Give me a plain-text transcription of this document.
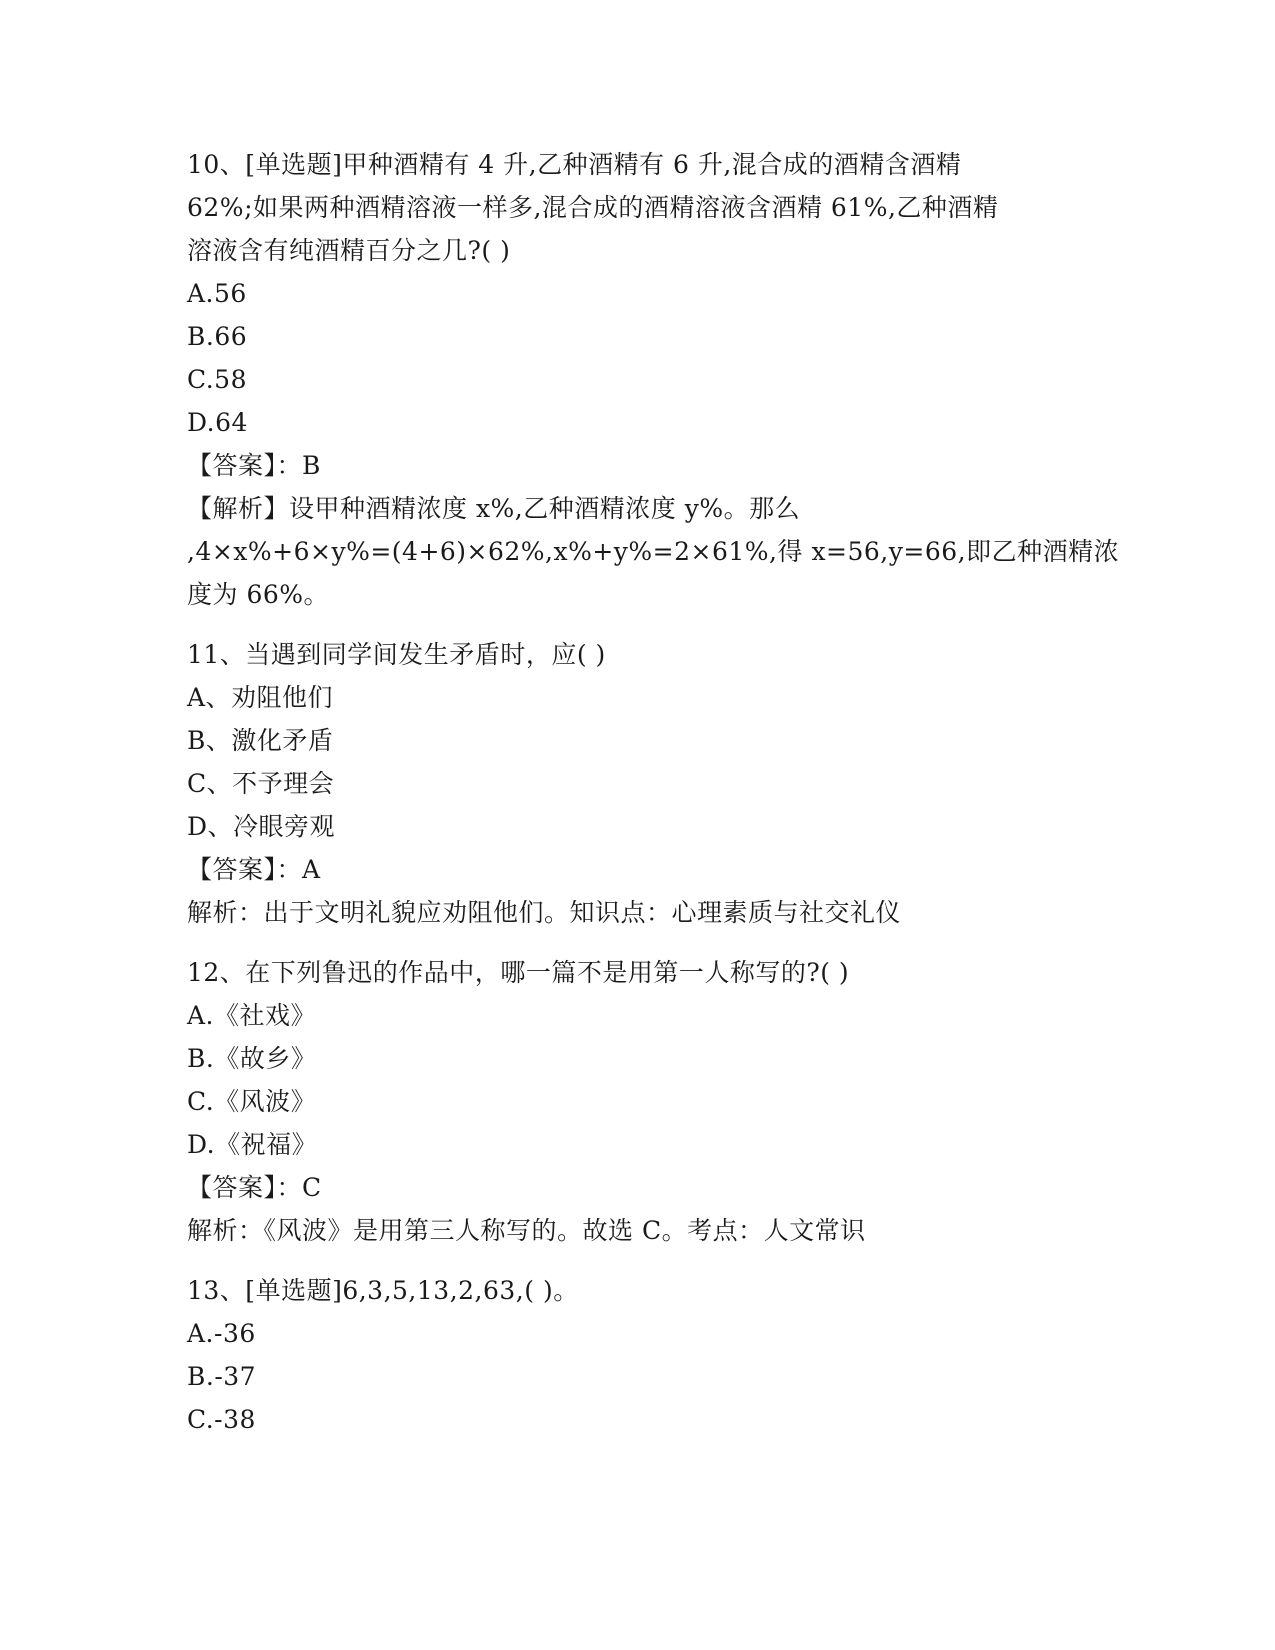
10、[单选题]甲种酒精有 4 升,乙种酒精有 6 升,混合成的酒精含酒精
62%;如果两种酒精溶液一样多,混合成的酒精溶液含酒精 61%,乙种酒精
溶液含有纯酒精百分之几?( )
A.56
B.66
C.58
D.64
【答案】：B
【解析】设甲种酒精浓度 x%,乙种酒精浓度 y%。那么
,4×x%+6×y%=(4+6)×62%,x%+y%=2×61%,得 x=56,y=66,即乙种酒精浓
度为 66%。
11、当遇到同学间发生矛盾时，应( )
A、劝阻他们
B、激化矛盾
C、不予理会
D、冷眼旁观
【答案】：A
解析：出于文明礼貌应劝阻他们。知识点：心理素质与社交礼仪
12、在下列鲁迅的作品中，哪一篇不是用第一人称写的?( )
A.《社戏》
B.《故乡》
C.《风波》
D.《祝福》
【答案】：C
解析：《风波》是用第三人称写的。故选 C。考点：人文常识
13、[单选题]6,3,5,13,2,63,( )。
A.-36
B.-37
C.-38
